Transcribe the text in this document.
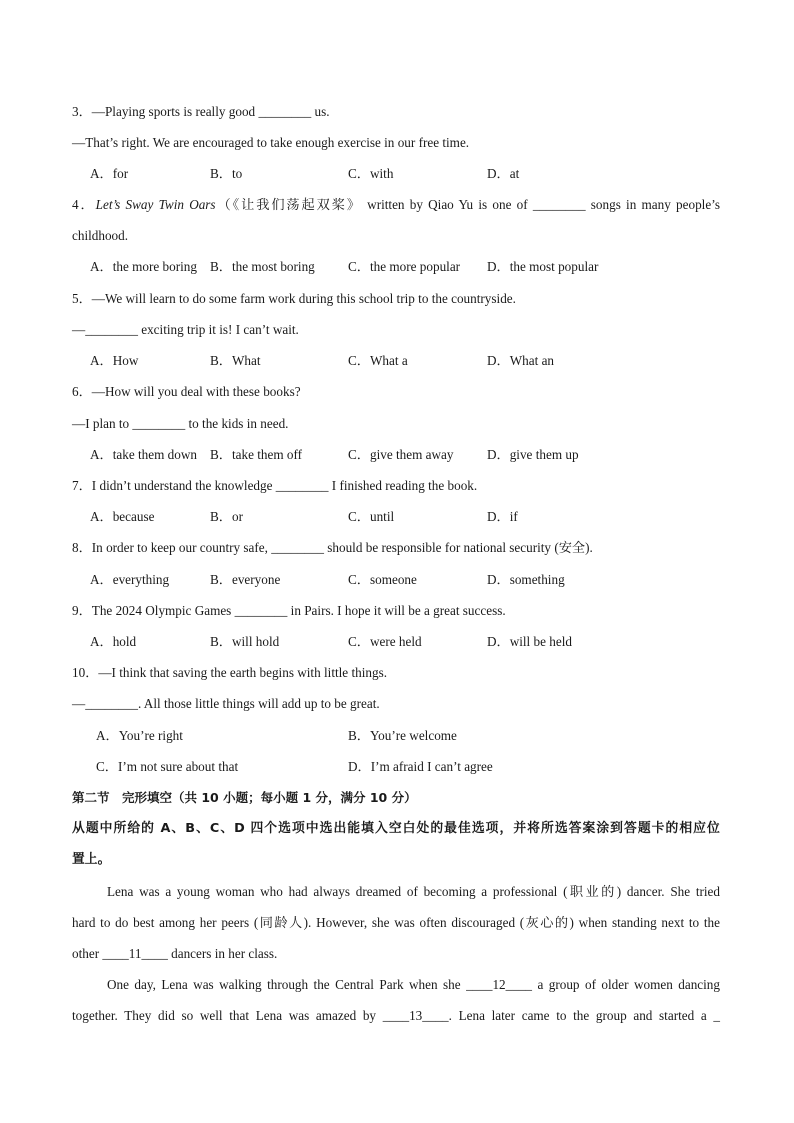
3．—Playing sports is really good ________ us.
—That’s right. We are encouraged to take enough exercise in our free time.
A．for	B．to	C．with	D．at
4．Let’s Sway Twin Oars（《让我们荡起双桨》 written by Qiao Yu is one of ________ songs in many people’s
childhood.
A．the more boring B．the most boring	C．the more popular D．the most popular
5．—We will learn to do some farm work during this school trip to the countryside.
—________ exciting trip it is! I can’t wait.
A．How	B．What	C．What a	D．What an
6．—How will you deal with these books?
—I plan to ________ to the kids in need.
A．take them down B．take them off	C．give them away	D．give them up
7．I didn’t understand the knowledge ________ I finished reading the book.
A．because	B．or	C．until	D．if
8．In order to keep our country safe, ________ should be responsible for national security (安全).
A．everything	B．everyone	C．someone	D．something
9．The 2024 Olympic Games ________ in Pairs. I hope it will be a great success.
A．hold	B．will hold	C．were held	D．will be held
10．—I think that saving the earth begins with little things.
—________. All those little things will add up to be great.
A．You’re right	B．You’re welcome
C．I’m not sure about that	D．I’m afraid I can’t agree
第二节　完形填空（共 10 小题；每小题 1 分，满分 10 分）
从题中所给的 A、B、C、D 四个选项中选出能填入空白处的最佳选项，并将所选答案涂到答题卡的相应位
置上。
Lena was a young woman who had always dreamed of becoming a professional (职业的) dancer. She tried
hard to do best among her peers (同龄人). However, she was often discouraged (灰心的) when standing next to the
other ____11____ dancers in her class.
One day, Lena was walking through the Central Park when she ____12____ a group of older women dancing
together. They did so well that Lena was amazed by ____13____. Lena later came to the group and started a _
